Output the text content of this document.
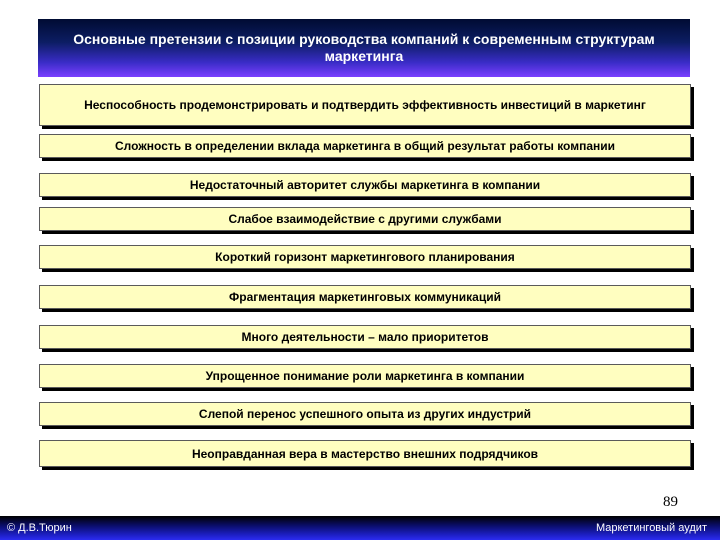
Основные претензии с позиции руководства компаний к современным структурам маркетинга
Неспособность продемонстрировать и подтвердить эффективность инвестиций в маркетинг
Сложность в определении вклада маркетинга в общий результат работы компании
Недостаточный авторитет службы маркетинга в компании
Слабое взаимодействие с другими службами
Короткий горизонт маркетингового планирования
Фрагментация маркетинговых коммуникаций
Много деятельности – мало приоритетов
Упрощенное понимание роли маркетинга в компании
Слепой перенос успешного опыта из других индустрий
Неоправданная вера в мастерство внешних подрядчиков
89
© Д.В.Тюрин	Маркетинговый аудит
